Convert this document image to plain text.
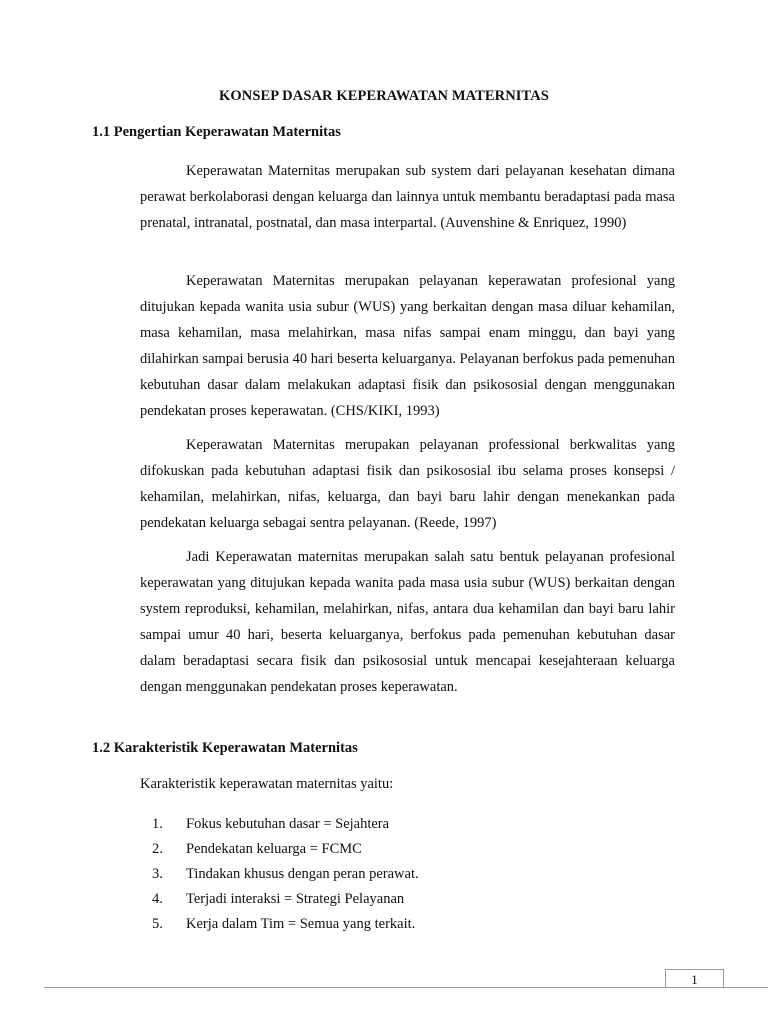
KONSEP DASAR KEPERAWATAN MATERNITAS
1.1 Pengertian Keperawatan Maternitas

Keperawatan Maternitas merupakan sub system dari pelayanan kesehatan dimana perawat berkolaborasi dengan keluarga dan lainnya untuk membantu beradaptasi pada masa prenatal, intranatal, postnatal, dan masa interpartal. (Auvenshine & Enriquez, 1990)

Keperawatan Maternitas merupakan pelayanan keperawatan profesional yang ditujukan kepada wanita usia subur (WUS) yang berkaitan dengan masa diluar kehamilan, masa kehamilan, masa melahirkan, masa nifas sampai enam minggu, dan bayi yang dilahirkan sampai berusia 40 hari beserta keluarganya. Pelayanan berfokus pada pemenuhan kebutuhan dasar dalam melakukan adaptasi fisik dan psikososial dengan menggunakan pendekatan proses keperawatan. (CHS/KIKI, 1993)

Keperawatan Maternitas merupakan pelayanan professional berkwalitas yang difokuskan pada kebutuhan adaptasi fisik dan psikososial ibu selama proses konsepsi / kehamilan, melahirkan, nifas, keluarga, dan bayi baru lahir dengan menekankan pada pendekatan keluarga sebagai sentra pelayanan. (Reede, 1997)

Jadi Keperawatan maternitas merupakan salah satu bentuk pelayanan profesional keperawatan yang ditujukan kepada wanita pada masa usia subur (WUS) berkaitan dengan system reproduksi, kehamilan, melahirkan, nifas, antara dua kehamilan dan bayi baru lahir sampai umur 40 hari, beserta keluarganya, berfokus pada pemenuhan kebutuhan dasar dalam beradaptasi secara fisik dan psikososial untuk mencapai kesejahteraan keluarga dengan menggunakan pendekatan proses keperawatan.

1.2 Karakteristik Keperawatan Maternitas
Karakteristik keperawatan maternitas yaitu:
1.	Fokus kebutuhan dasar = Sejahtera
2.	Pendekatan keluarga = FCMC
3.	Tindakan khusus dengan peran perawat.
4.	Terjadi interaksi = Strategi Pelayanan
5.	Kerja dalam Tim = Semua yang terkait.
1
